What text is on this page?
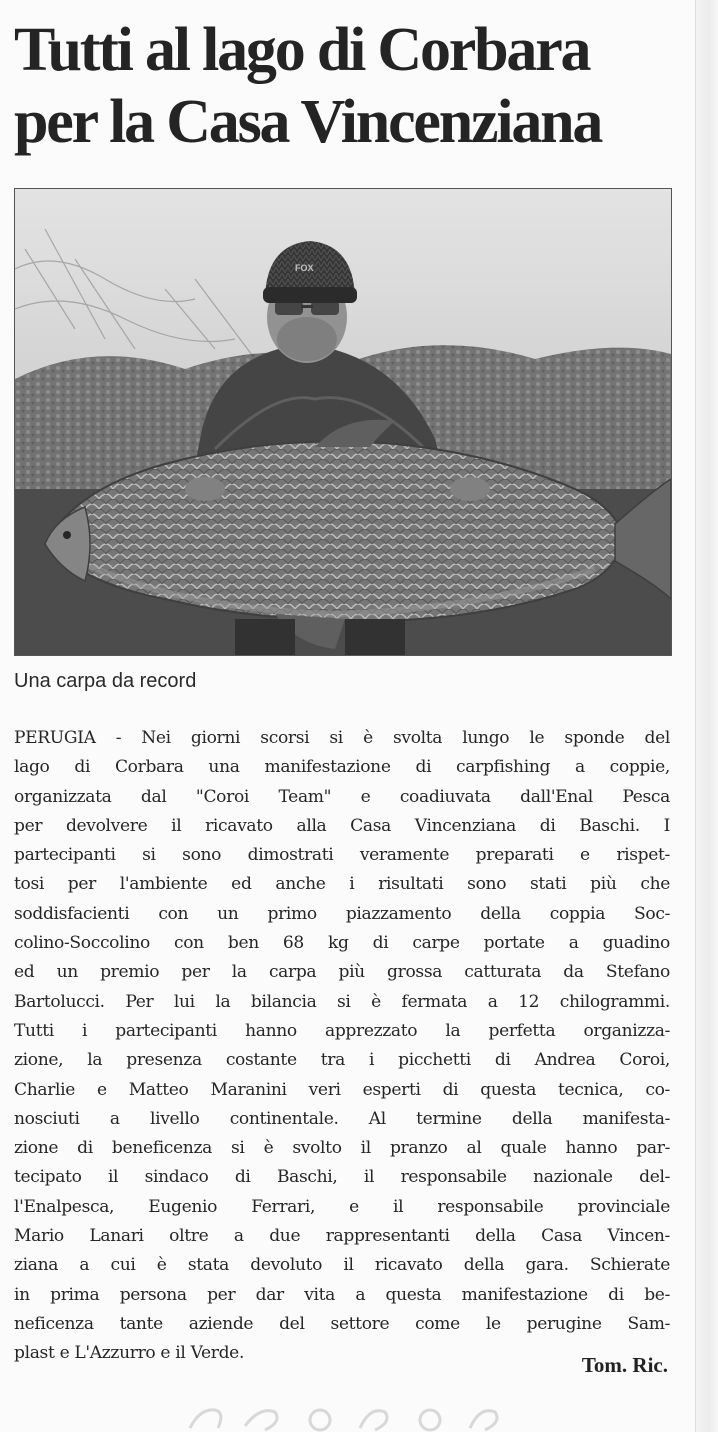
Tutti al lago di Corbara
per la Casa Vincenziana
FOX
Una carpa da record
PERUGIA - Nei giorni scorsi si è svolta lungo le sponde del
lago di Corbara una manifestazione di carpfishing a coppie,
organizzata dal "Coroi Team" e coadiuvata dall'Enal Pesca
per devolvere il ricavato alla Casa Vincenziana di Baschi. I
partecipanti si sono dimostrati veramente preparati e rispet-
tosi per l'ambiente ed anche i risultati sono stati più che
soddisfacienti con un primo piazzamento della coppia Soc-
colino-Soccolino con ben 68 kg di carpe portate a guadino
ed un premio per la carpa più grossa catturata da Stefano
Bartolucci. Per lui la bilancia si è fermata a 12 chilogrammi.
Tutti i partecipanti hanno apprezzato la perfetta organizza-
zione, la presenza costante tra i picchetti di Andrea Coroi,
Charlie e Matteo Maranini veri esperti di questa tecnica, co-
nosciuti a livello continentale. Al termine della manifesta-
zione di beneficenza si è svolto il pranzo al quale hanno par-
tecipato il sindaco di Baschi, il responsabile nazionale del-
l'Enalpesca, Eugenio Ferrari, e il responsabile provinciale
Mario Lanari oltre a due rappresentanti della Casa Vincen-
ziana a cui è stata devoluto il ricavato della gara. Schierate
in prima persona per dar vita a questa manifestazione di be-
neficenza tante aziende del settore come le perugine Sam-
plast e L'Azzurro e il Verde.	Tom. Ric.
